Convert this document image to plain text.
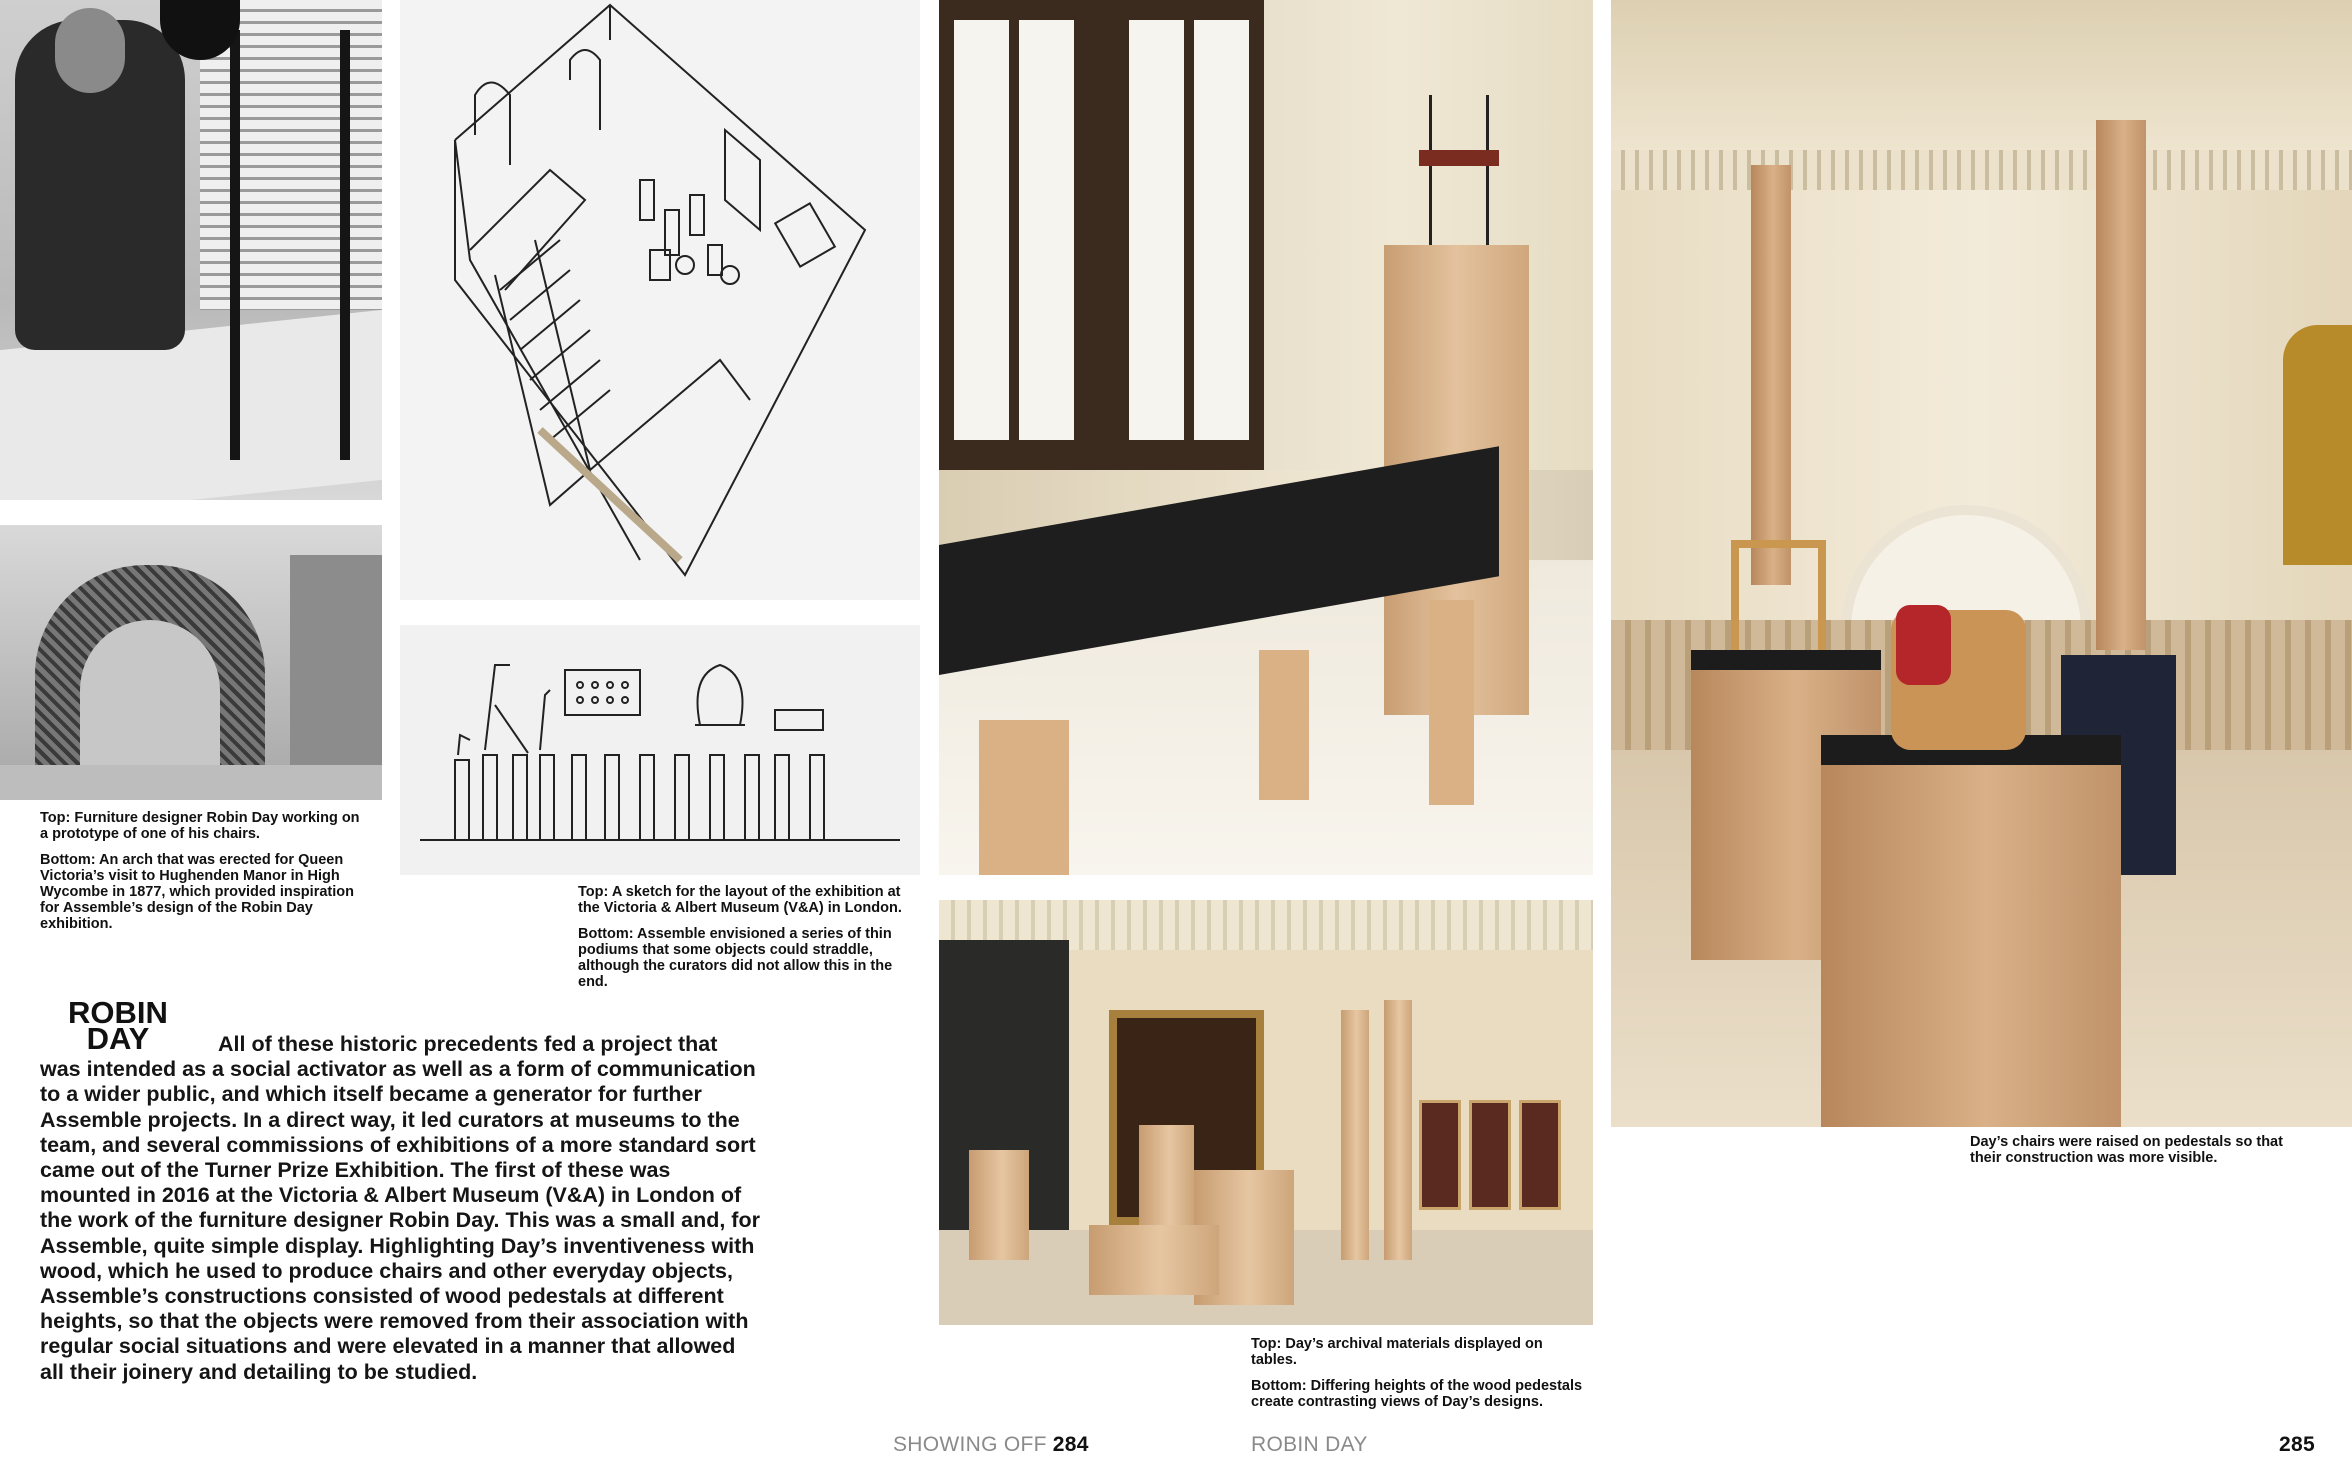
Top: Furniture designer Robin Day working on a prototype of one of his chairs.

Bottom: An arch that was erected for Queen Victoria’s visit to Hughenden Manor in High Wycombe in 1877, which provided inspiration for Assemble’s design of the Robin Day exhibition.

Top: A sketch for the layout of the exhibition at the Victoria & Albert Museum (V&A) in London.

Bottom: Assemble envisioned a series of thin podiums that some objects could straddle, although the curators did not allow this in the end.

Top: Day’s archival materials displayed on tables.

Bottom: Differing heights of the wood pedestals create contrasting views of Day’s designs.

Day’s chairs were raised on pedestals so that their construction was more visible.

ROBIN
DAY	All of these historic precedents fed a project that was intended as a social activator as well as a form of communication to a wider public, and which itself became a generator for further Assemble projects. In a direct way, it led curators at museums to the team, and several commissions of exhibitions of a more standard sort came out of the Turner Prize Exhibition. The first of these was mounted in 2016 at the Victoria & Albert Museum (V&A) in London of the work of the furniture designer Robin Day. This was a small and, for Assemble, quite simple display. Highlighting Day’s inventiveness with wood, which he used to produce chairs and other everyday objects, Assemble’s constructions consisted of wood pedestals at different heights, so that the objects were removed from their association with regular social situations and were elevated in a manner that allowed all their joinery and detailing to be studied.
SHOWING OFF 284	ROBIN DAY	285
